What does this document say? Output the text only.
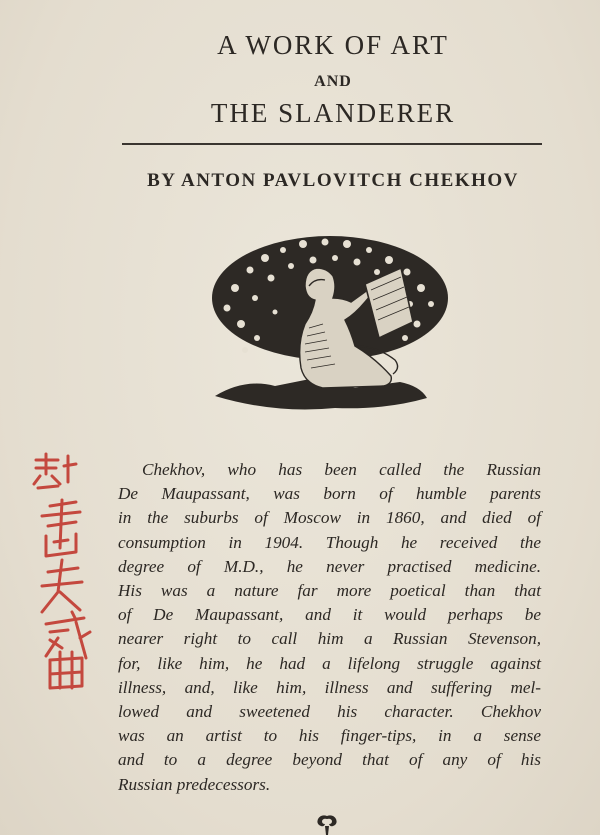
A WORK OF ART
AND
THE SLANDERER
BY ANTON PAVLOVITCH CHEKHOV
Chekhov, who has been called the Russian
De Maupassant, was born of humble parents
in the suburbs of Moscow in 1860, and died of
consumption in 1904. Though he received the
degree of M.D., he never practised medicine.
His was a nature far more poetical than that
of De Maupassant, and it would perhaps be
nearer right to call him a Russian Stevenson,
for, like him, he had a lifelong struggle against
illness, and, like him, illness and suffering mel-
lowed and sweetened his character. Chekhov
was an artist to his finger-tips, in a sense
and to a degree beyond that of any of his
Russian predecessors.
